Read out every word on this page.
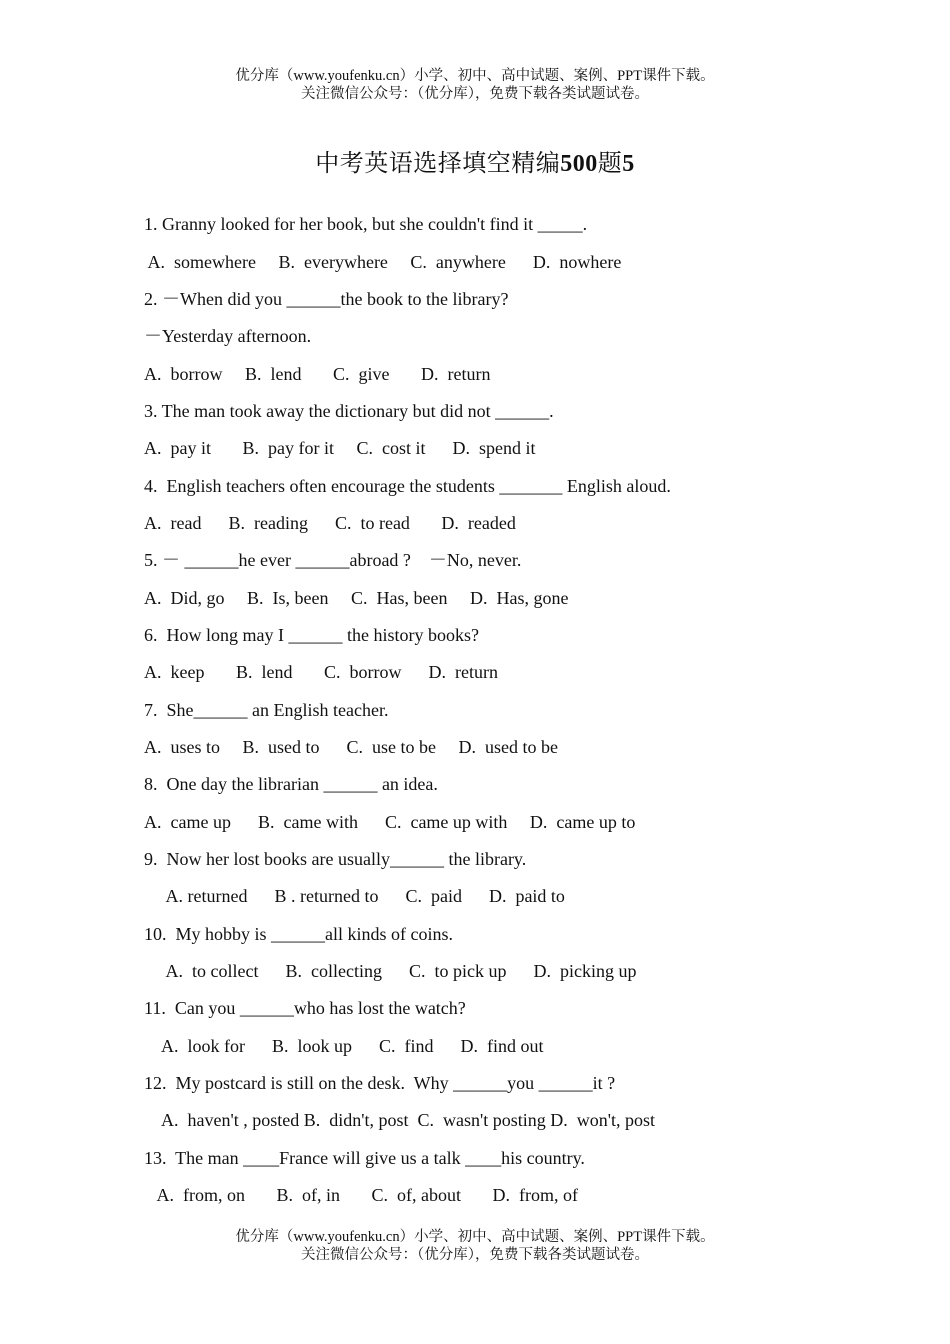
优分库（www.youfenku.cn）小学、初中、高中试题、案例、PPT课件下载。
关注微信公众号：（优分库），免费下载各类试题试卷。
中考英语选择填空精编500题5
1. Granny looked for her book, but she couldn't find it _____.
A.  somewhere     B.  everywhere     C.  anywhere      D.  nowhere
2. －When did you ______the book to the library?
－Yesterday afternoon.
A.  borrow     B.  lend       C.  give       D.  return
3. The man took away the dictionary but did not ______.
A.  pay it       B.  pay for it     C.  cost it      D.  spend it
4.  English teachers often encourage the students _______ English aloud.
A.  read      B.  reading      C.  to read       D.  readed
5. － ______he ever ______abroad ?    －No, never.
A.  Did, go     B.  Is, been     C.  Has, been     D.  Has, gone
6.  How long may I ______ the history books?
A.  keep       B.  lend       C.  borrow      D.  return
7.  She______ an English teacher.
A.  uses to     B.  used to      C.  use to be     D.  used to be
8.  One day the librarian ______ an idea.
A.  came up      B.  came with      C.  came up with     D.  came up to
9.  Now her lost books are usually______ the library.
A. returned      B . returned to      C.  paid      D.  paid to
10.  My hobby is ______all kinds of coins.
A.  to collect      B.  collecting      C.  to pick up      D.  picking up
11.  Can you ______who has lost the watch?
A.  look for      B.  look up      C.  find      D.  find out
12.  My postcard is still on the desk.  Why ______you ______it ?
A.  haven't , posted B.  didn't, post  C.  wasn't posting D.  won't, post
13.  The man ____France will give us a talk ____his country.
A.  from, on       B.  of, in       C.  of, about       D.  from, of
优分库（www.youfenku.cn）小学、初中、高中试题、案例、PPT课件下载。
关注微信公众号：（优分库），免费下载各类试题试卷。
